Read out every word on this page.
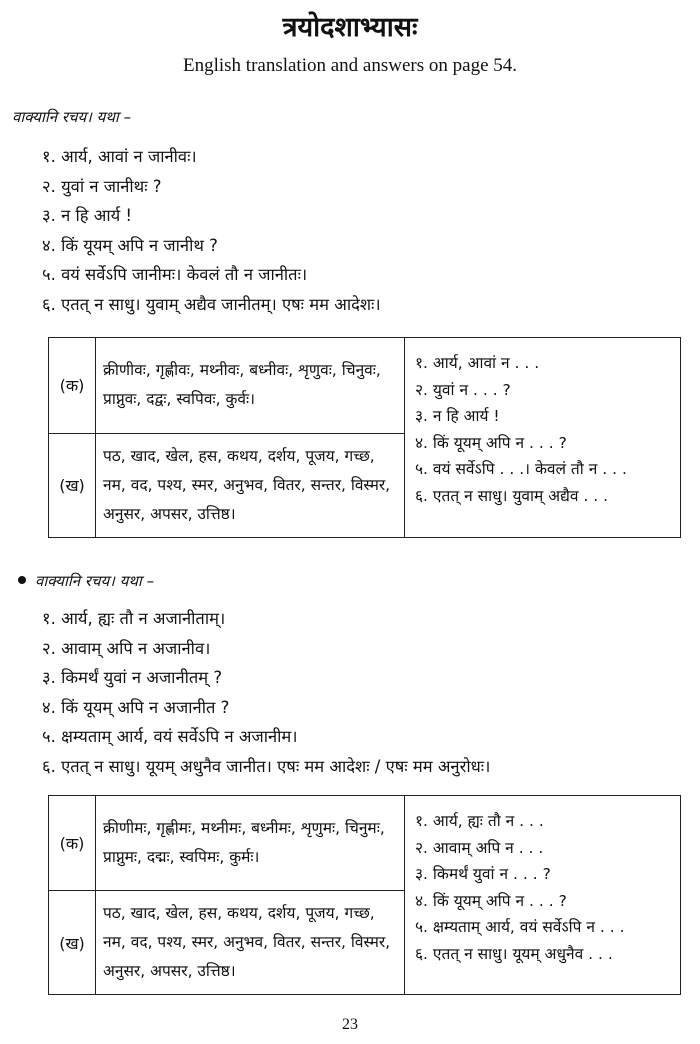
त्रयोदशाभ्यासः
English translation and answers on page 54.
वाक्यानि रचय। यथा –
१. आर्य, आवां न जानीवः।
२. युवां न जानीथः ?
३. न हि आर्य !
४. किं यूयम् अपि न जानीथ ?
५. वयं सर्वेऽपि जानीमः। केवलं तौ न जानीतः।
६. एतत् न साधु। युवाम् अद्यैव जानीतम्। एषः मम आदेशः।
(क)
क्रीणीवः, गृह्णीवः, मथ्नीवः, बध्नीवः, शृणुवः, चिनुवः, प्राप्नुवः, दद्वः, स्वपिवः, कुर्वः।
(ख)
पठ, खाद, खेल, हस, कथय, दर्शय, पूजय, गच्छ, नम, वद, पश्य, स्मर, अनुभव, वितर, सन्तर, विस्मर, अनुसर, अपसर, उत्तिष्ठ।
१. आर्य, आवां न . . .
२. युवां न . . . ?
३. न हि आर्य !
४. किं यूयम् अपि न . . . ?
५. वयं सर्वेऽपि . . .। केवलं तौ न . . .
६. एतत् न साधु। युवाम् अद्यैव . . .
वाक्यानि रचय। यथा –
१. आर्य, ह्यः तौ न अजानीताम्।
२. आवाम् अपि न अजानीव।
३. किमर्थं युवां न अजानीतम् ?
४. किं यूयम् अपि न अजानीत ?
५. क्षम्यताम् आर्य, वयं सर्वेऽपि न अजानीम।
६. एतत् न साधु। यूयम् अधुनैव जानीत। एषः मम आदेशः / एषः मम अनुरोधः।
(क)
क्रीणीमः, गृह्णीमः, मथ्नीमः, बध्नीमः, शृणुमः, चिनुमः, प्राप्नुमः, दद्मः, स्वपिमः, कुर्मः।
(ख)
पठ, खाद, खेल, हस, कथय, दर्शय, पूजय, गच्छ, नम, वद, पश्य, स्मर, अनुभव, वितर, सन्तर, विस्मर, अनुसर, अपसर, उत्तिष्ठ।
१. आर्य, ह्यः तौ न . . .
२. आवाम् अपि न . . .
३. किमर्थं युवां न . . . ?
४. किं यूयम् अपि न . . . ?
५. क्षम्यताम् आर्य, वयं सर्वेऽपि न . . .
६. एतत् न साधु। यूयम् अधुनैव . . .
23
